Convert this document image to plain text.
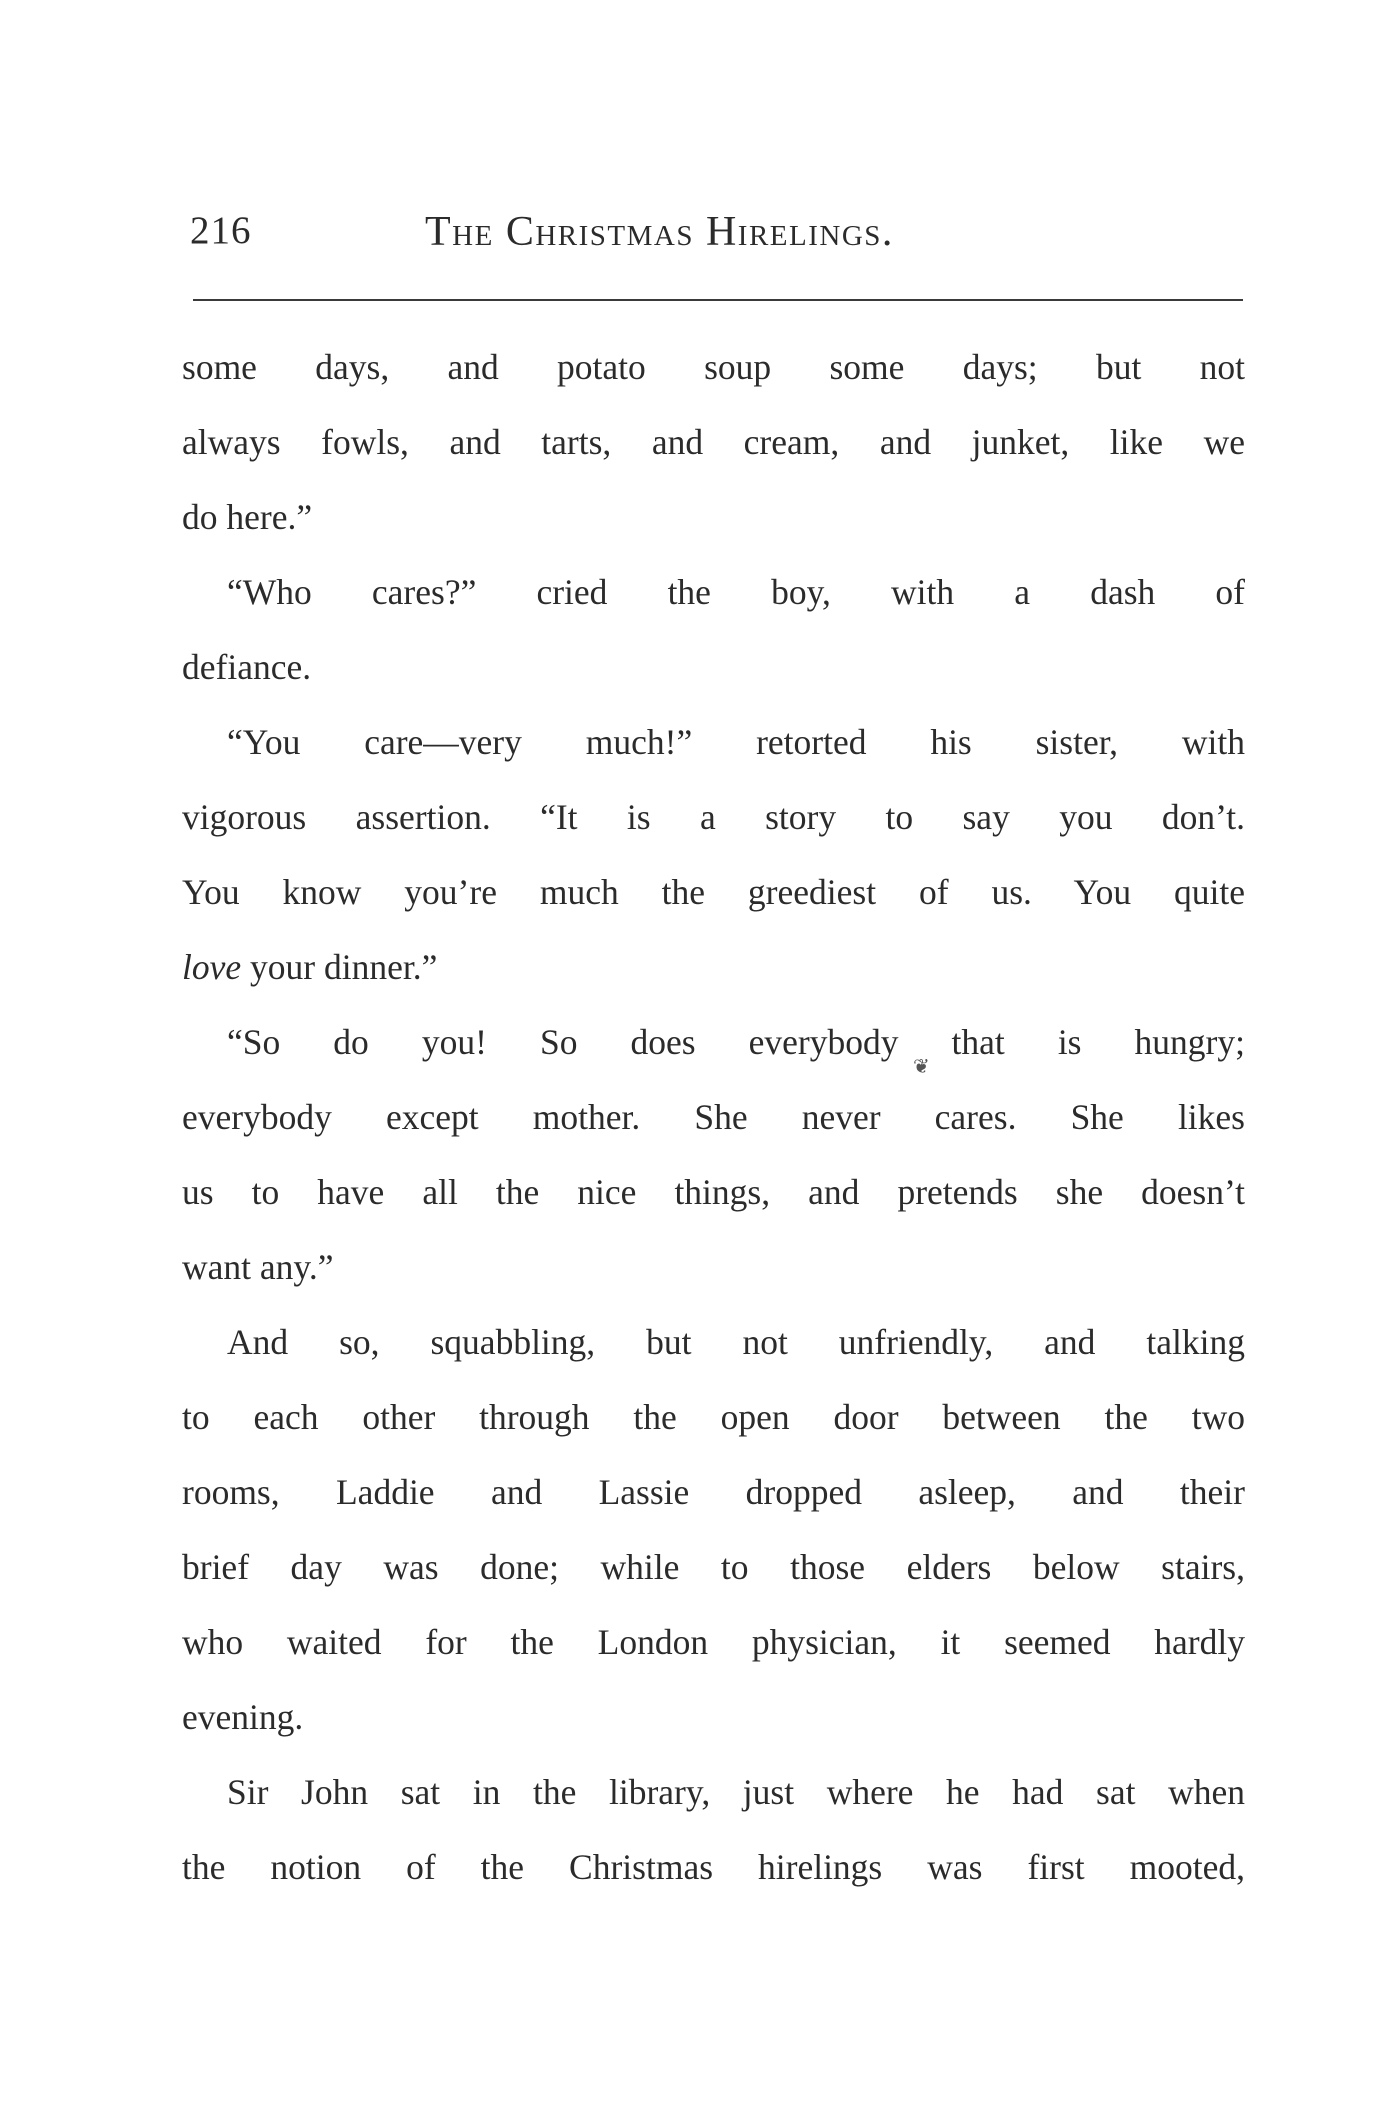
216	The Christmas Hirelings.
some days, and potato soup some days; but not
always fowls, and tarts, and cream, and junket, like we
do here.”
“Who cares?” cried the boy, with a dash of
defiance.
“You care—very much!” retorted his sister, with
vigorous assertion. “It is a story to say you don’t.
You know you’re much the greediest of us. You quite
love your dinner.”
“So do you! So does everybody that is hungry;
everybody except mother. She never cares. She likes
us to have all the nice things, and pretends she doesn’t
want any.”
And so, squabbling, but not unfriendly, and talking
to each other through the open door between the two
rooms, Laddie and Lassie dropped asleep, and their
brief day was done; while to those elders below stairs,
who waited for the London physician, it seemed hardly
evening.
Sir John sat in the library, just where he had sat when
the notion of the Christmas hirelings was first mooted,
❦
